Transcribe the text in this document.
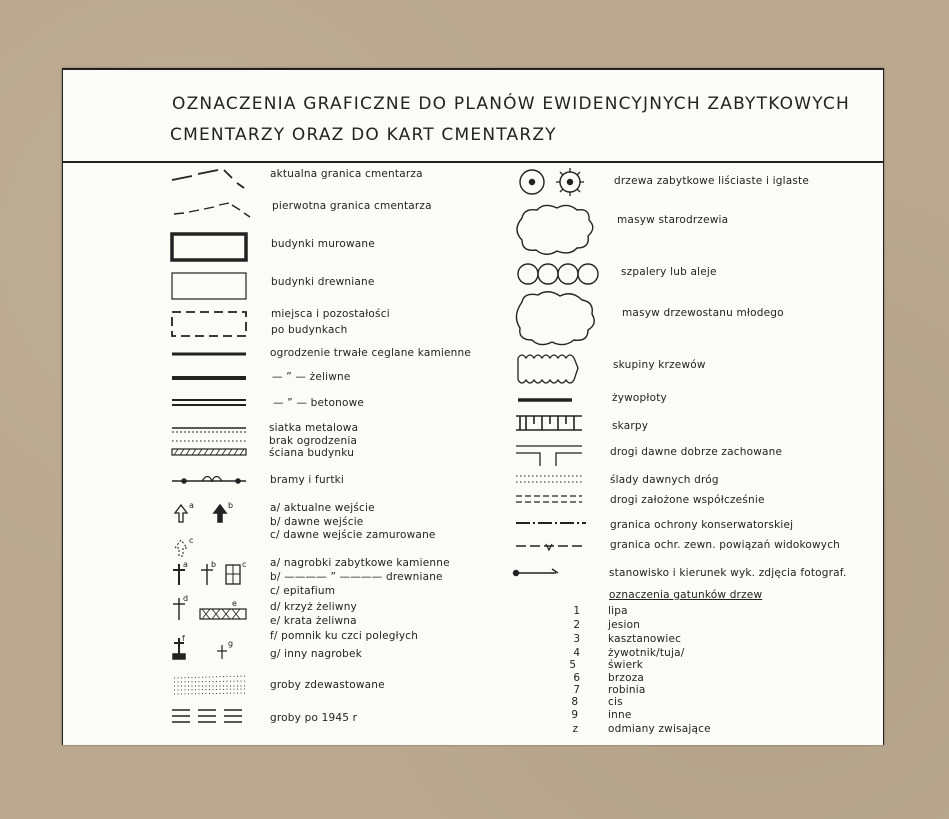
OZNACZENIA GRAFICZNE DO PLANÓW EWIDENCYJNYCH ZABYTKOWYCH
CMENTARZY ORAZ DO KART CMENTARZY
a	b
c
a	b	c
d
e
f
g
aktualna granica cmentarza
pierwotna granica cmentarza
budynki murowane
budynki drewniane
miejsca i pozostałości
po budynkach
ogrodzenie trwałe ceglane kamienne
— ” — żeliwne
— ” — betonowe
siatka metalowa
brak ogrodzenia
ściana budynku
bramy i furtki
a/ aktualne wejście
b/ dawne wejście
c/ dawne wejście zamurowane
a/ nagrobki zabytkowe kamienne
b/ ———— ” ———— drewniane
c/ epitafium
d/ krzyż żeliwny
e/ krata żeliwna
f/ pomnik ku czci poległych
g/ inny nagrobek
groby zdewastowane
groby po 1945 r
drzewa zabytkowe liściaste i iglaste
masyw starodrzewia
szpalery lub aleje
masyw drzewostanu młodego
skupiny krzewów
żywopłoty
skarpy
drogi dawne dobrze zachowane
ślady dawnych dróg
drogi założone współcześnie
granica ochrony konserwatorskiej
granica ochr. zewn. powiązań widokowych
stanowisko i kierunek wyk. zdjęcia fotograf.
oznaczenia gatunków drzew
1	lipa
2	jesion
3	kasztanowiec
4	żywotnik/tuja/
5	świerk
6	brzoza
7	robinia
8	cis
9	inne
z	odmiany zwisające
